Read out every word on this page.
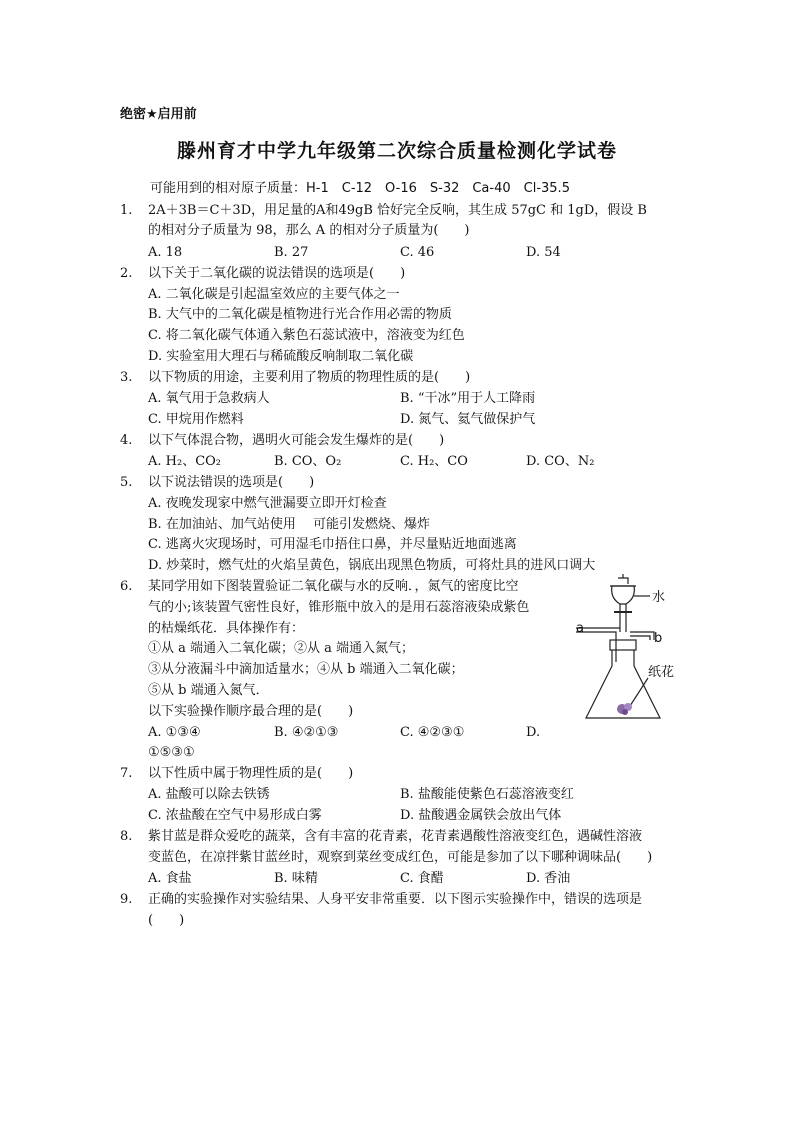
绝密★启用前
滕州育才中学九年级第二次综合质量检测化学试卷
可能用到的相对原子质量：H-1　C-12　O-16　S-32　Ca-40　Cl-35.5
1. 2A＋3B＝C＋3D，用足量的A和49gB 恰好完全反响，其生成 57gC 和 1gD，假设 B
的相对分子质量为 98，那么 A 的相对分子质量为(　　)
A. 18	B. 27	C. 46	D. 54
2. 以下关于二氧化碳的说法错误的选项是(　　)
A. 二氧化碳是引起温室效应的主要气体之一
B. 大气中的二氧化碳是植物进行光合作用必需的物质
C. 将二氧化碳气体通入紫色石蕊试液中，溶液变为红色
D. 实验室用大理石与稀硫酸反响制取二氧化碳
3. 以下物质的用途，主要利用了物质的物理性质的是(　　)
A. 氧气用于急救病人	B. “干冰”用于人工降雨
C. 甲烷用作燃料	D. 氮气、氦气做保护气
4. 以下气体混合物，遇明火可能会发生爆炸的是(　　)
A. H₂、CO₂	B. CO、O₂	C. H₂、CO	D. CO、N₂
5. 以下说法错误的选项是(　　)
A. 夜晚发现家中燃气泄漏要立即开灯检查
B. 在加油站、加气站使用　 可能引发燃烧、爆炸
C. 逃离火灾现场时，可用湿毛巾捂住口鼻，并尽量贴近地面逃离
D. 炒菜时，燃气灶的火焰呈黄色，锅底出现黑色物质，可将灶具的进风口调大
6. 某同学用如下图装置验证二氧化碳与水的反响．，氮气的密度比空
气的小;该装置气密性良好，锥形瓶中放入的是用石蕊溶液染成紫色
的枯燥纸花．具体操作有：
①从 a 端通入二氧化碳；②从 a 端通入氮气；
③从分液漏斗中滴加适量水；④从 b 端通入二氧化碳；
⑤从 b 端通入氮气．
以下实验操作顺序最合理的是(　　)
A. ①③④	B. ④②①③	C. ④②③①	D.
①⑤③①
水
a
b
纸花
7. 以下性质中属于物理性质的是(　　)
A. 盐酸可以除去铁锈	B. 盐酸能使紫色石蕊溶液变红
C. 浓盐酸在空气中易形成白雾	D. 盐酸遇金属铁会放出气体
8. 紫甘蓝是群众爱吃的蔬菜，含有丰富的花青素，花青素遇酸性溶液变红色，遇碱性溶液
变蓝色，在凉拌紫甘蓝丝时，观察到菜丝变成红色，可能是参加了以下哪种调味品(　　)
A. 食盐	B. 味精	C. 食醋	D. 香油
9. 正确的实验操作对实验结果、人身平安非常重要．以下图示实验操作中，错误的选项是
(　　)
